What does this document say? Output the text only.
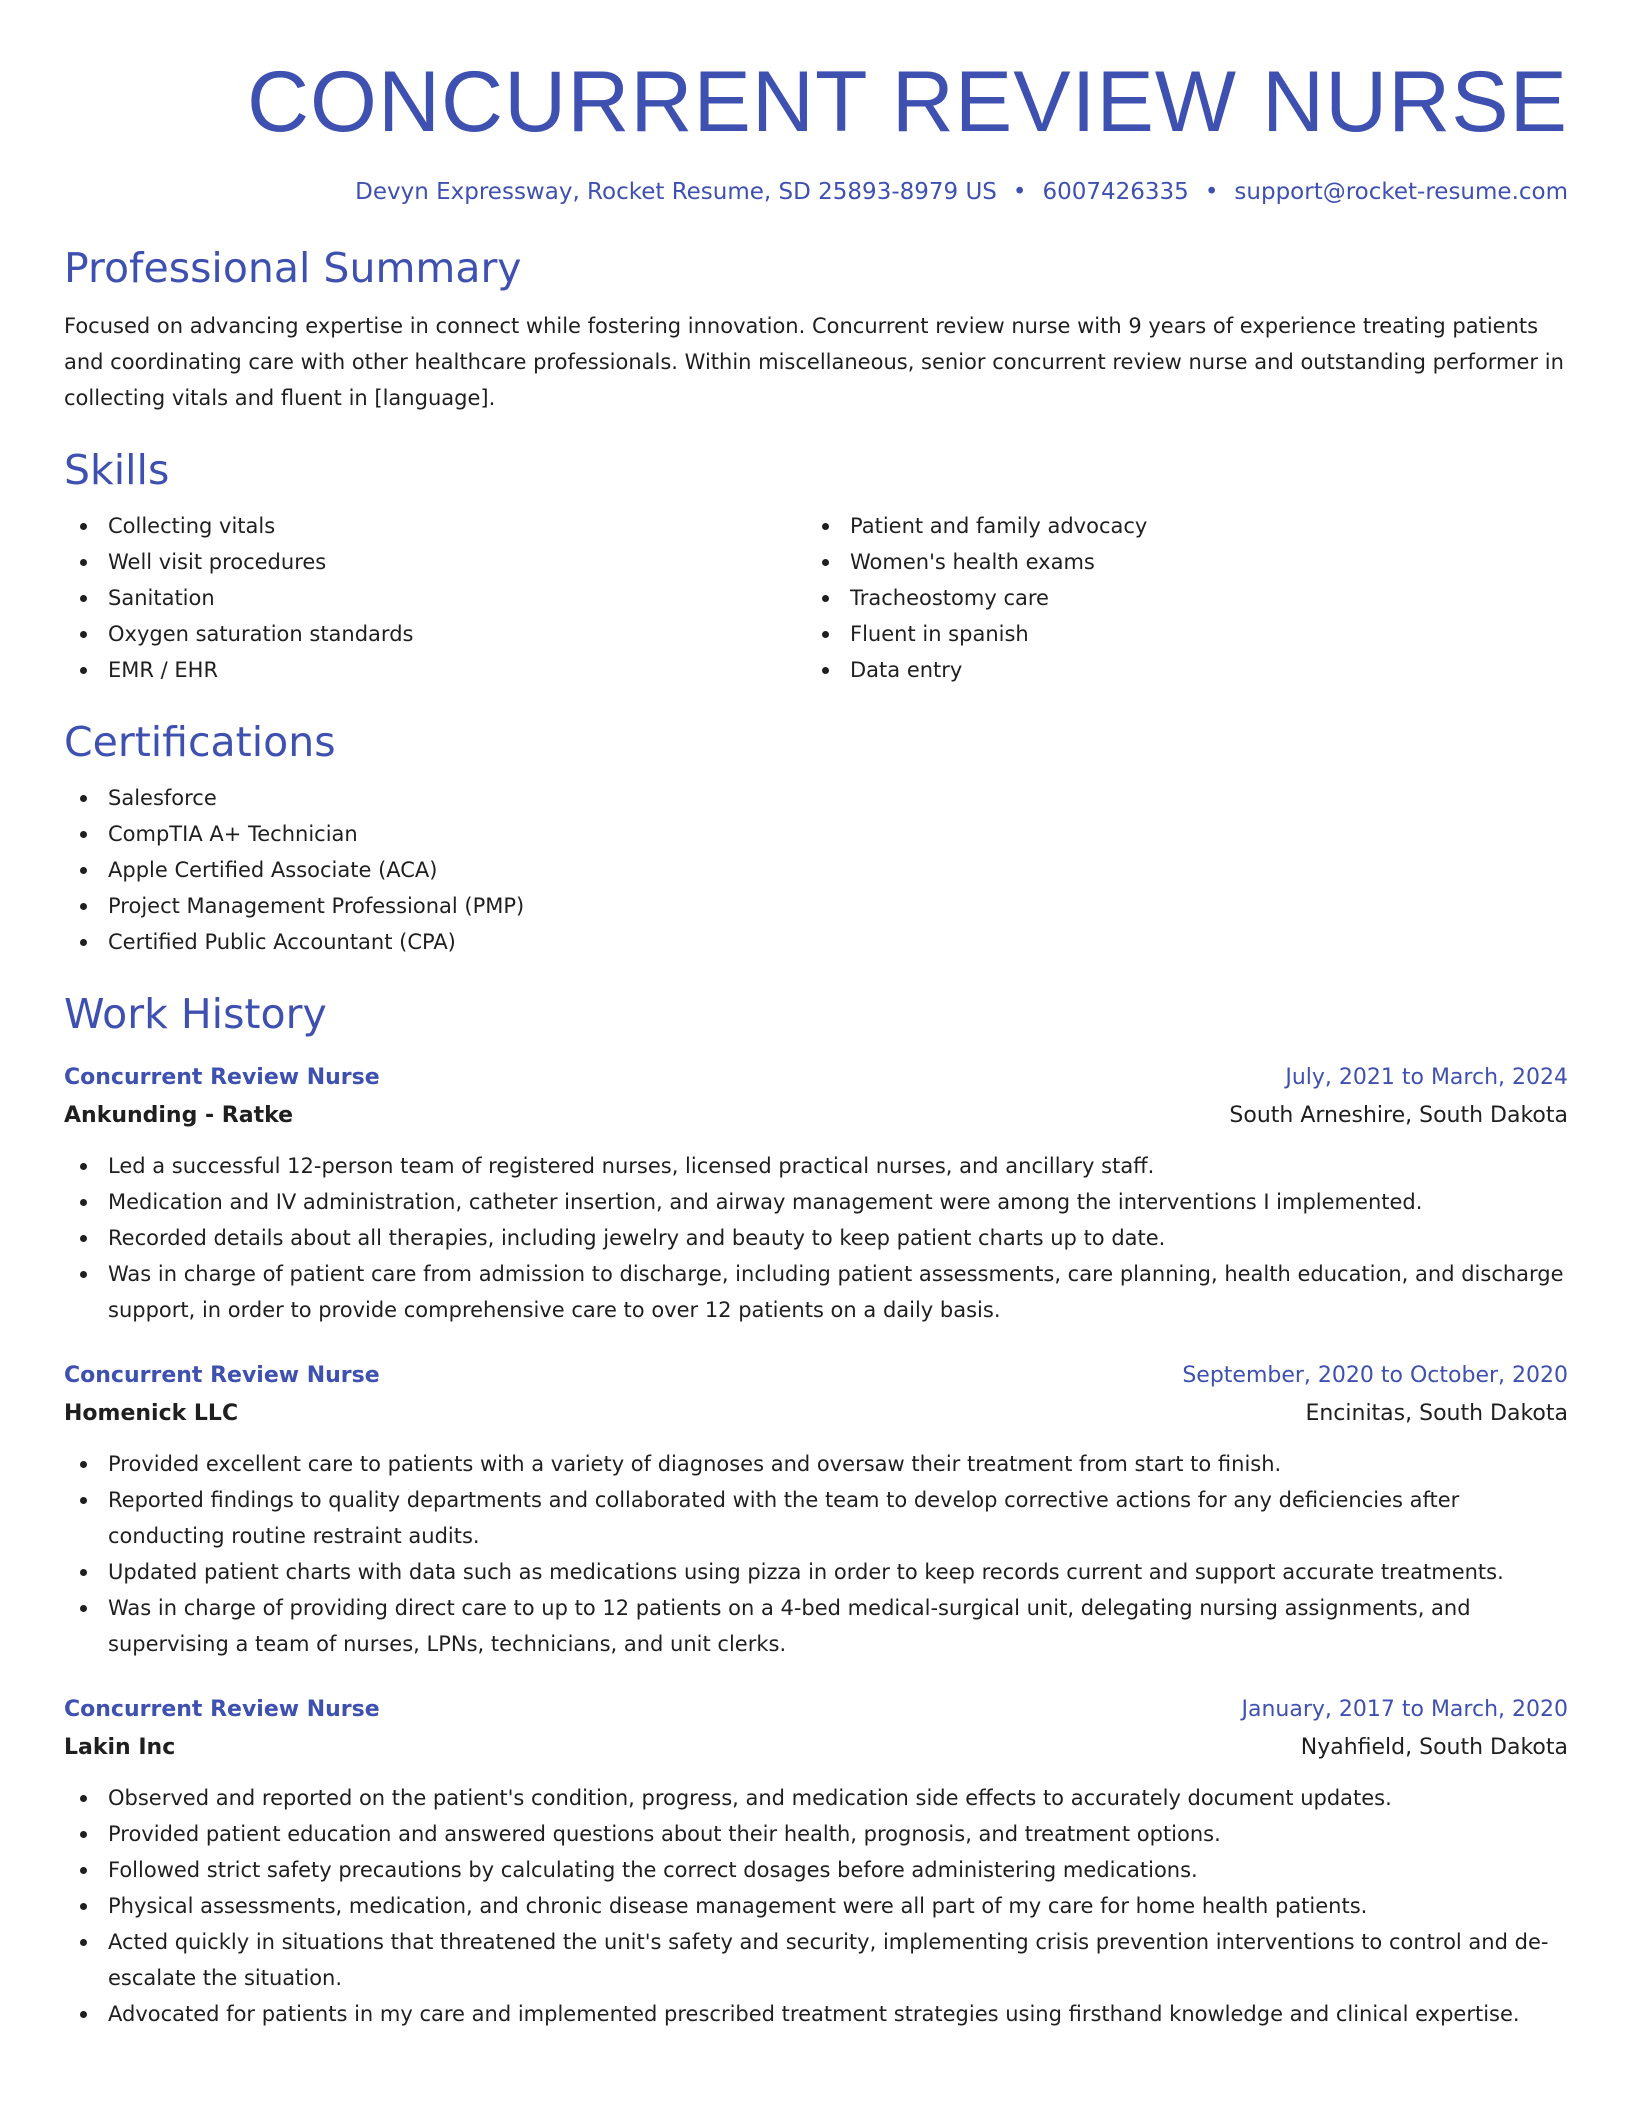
CONCURRENT REVIEW NURSE
Devyn Expressway, Rocket Resume, SD 25893-8979 US • 6007426335 • support@rocket-resume.com
Professional Summary

Focused on advancing expertise in connect while fostering innovation. Concurrent review nurse with 9 years of experience treating patients and coordinating care with other healthcare professionals. Within miscellaneous, senior concurrent review nurse and outstanding performer in collecting vitals and fluent in [language].

Skills
Collecting vitals
Well visit procedures
Sanitation
Oxygen saturation standards
EMR / EHR
Patient and family advocacy
Women's health exams
Tracheostomy care
Fluent in spanish
Data entry
Certifications
Salesforce
CompTIA A+ Technician
Apple Certified Associate (ACA)
Project Management Professional (PMP)
Certified Public Accountant (CPA)
Work History
Concurrent Review Nurse	July, 2021 to March, 2024
Ankunding - Ratke	South Arneshire, South Dakota
Led a successful 12-person team of registered nurses, licensed practical nurses, and ancillary staff.
Medication and IV administration, catheter insertion, and airway management were among the interventions I implemented.
Recorded details about all therapies, including jewelry and beauty to keep patient charts up to date.
Was in charge of patient care from admission to discharge, including patient assessments, care planning, health education, and discharge support, in order to provide comprehensive care to over 12 patients on a daily basis.
Concurrent Review Nurse	September, 2020 to October, 2020
Homenick LLC	Encinitas, South Dakota
Provided excellent care to patients with a variety of diagnoses and oversaw their treatment from start to finish.
Reported findings to quality departments and collaborated with the team to develop corrective actions for any deficiencies after conducting routine restraint audits.
Updated patient charts with data such as medications using pizza in order to keep records current and support accurate treatments.
Was in charge of providing direct care to up to 12 patients on a 4-bed medical-surgical unit, delegating nursing assignments, and supervising a team of nurses, LPNs, technicians, and unit clerks.
Concurrent Review Nurse	January, 2017 to March, 2020
Lakin Inc	Nyahfield, South Dakota
Observed and reported on the patient's condition, progress, and medication side effects to accurately document updates.
Provided patient education and answered questions about their health, prognosis, and treatment options.
Followed strict safety precautions by calculating the correct dosages before administering medications.
Physical assessments, medication, and chronic disease management were all part of my care for home health patients.
Acted quickly in situations that threatened the unit's safety and security, implementing crisis prevention interventions to control and de-escalate the situation.
Advocated for patients in my care and implemented prescribed treatment strategies using firsthand knowledge and clinical expertise.
